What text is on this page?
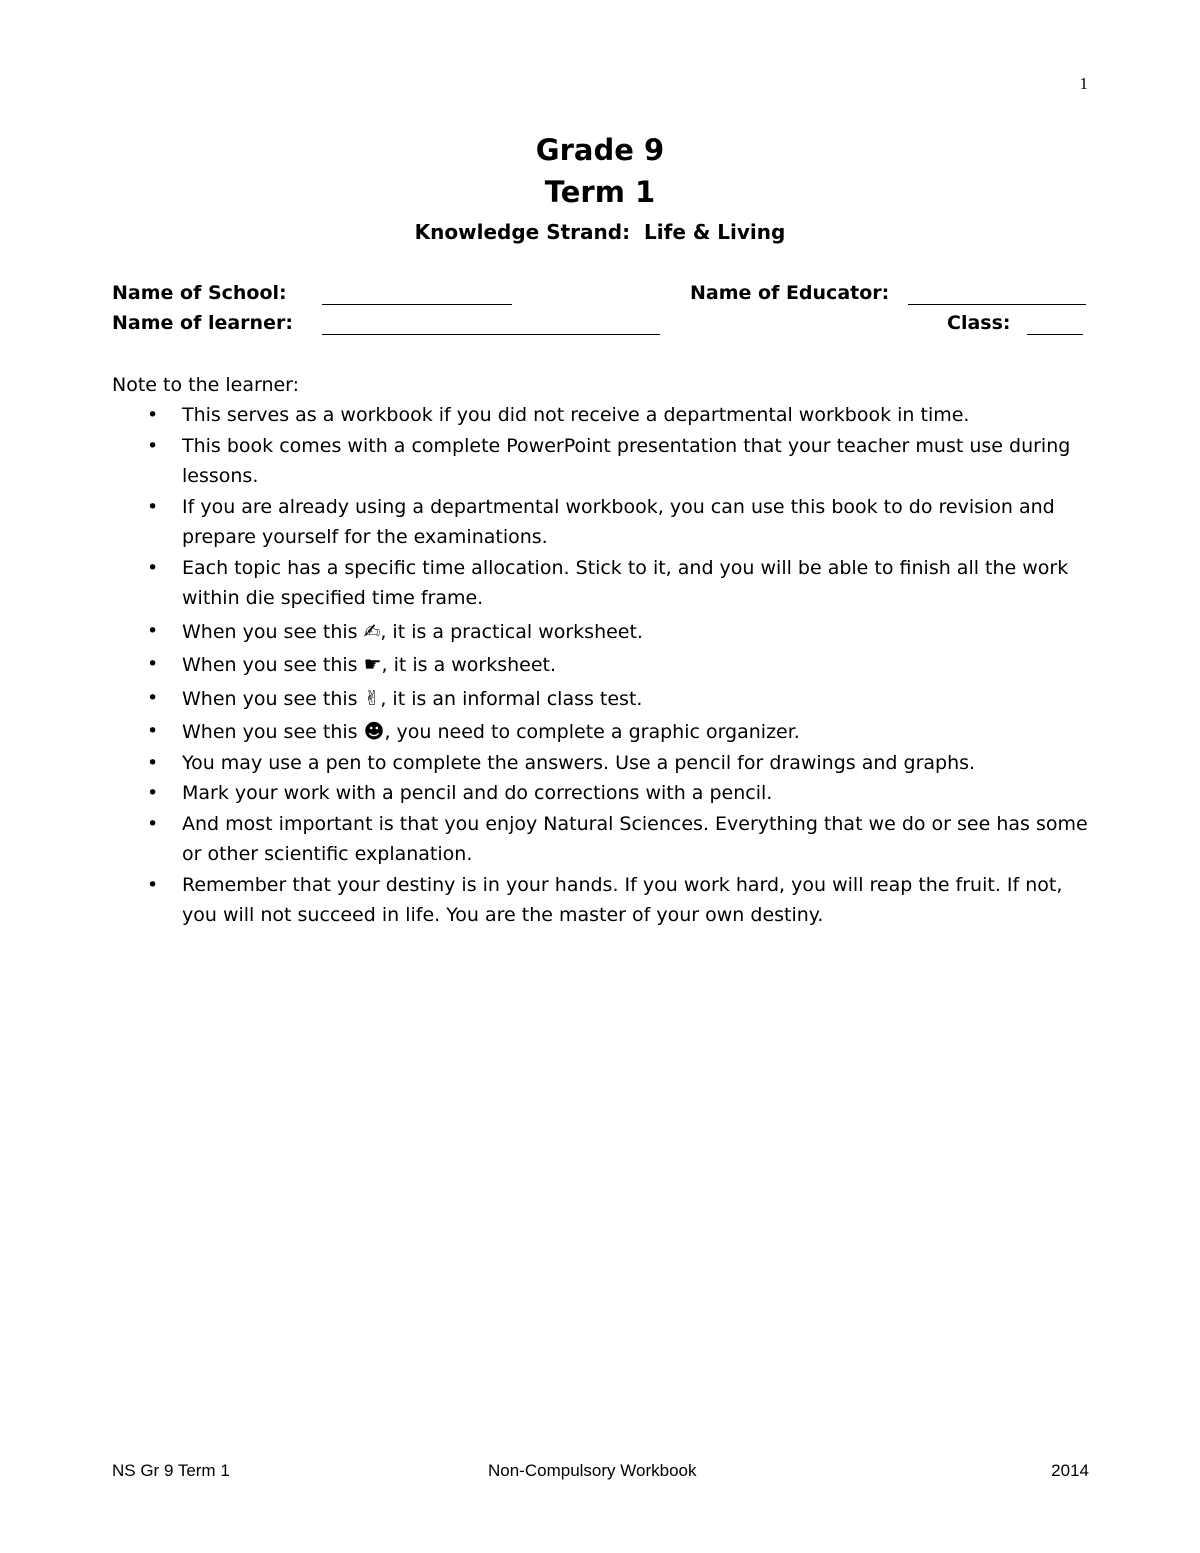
1
Grade 9
Term 1
Knowledge Strand: Life & Living
Name of School:	Name of Educator:
Name of learner:	Class:
Note to the learner:
• This serves as a workbook if you did not receive a departmental workbook in time.
• This book comes with a complete PowerPoint presentation that your teacher must use during lessons.
• If you are already using a departmental workbook, you can use this book to do revision and prepare yourself for the examinations.
• Each topic has a specific time allocation. Stick to it, and you will be able to finish all the work within die specified time frame.
• When you see this ✍, it is a practical worksheet.
• When you see this ☛, it is a worksheet.
• When you see this ✌, it is an informal class test.
• When you see this ☻, you need to complete a graphic organizer.
• You may use a pen to complete the answers. Use a pencil for drawings and graphs.
• Mark your work with a pencil and do corrections with a pencil.
• And most important is that you enjoy Natural Sciences. Everything that we do or see has some or other scientific explanation.
• Remember that your destiny is in your hands. If you work hard, you will reap the fruit. If not, you will not succeed in life. You are the master of your own destiny.
NS Gr 9 Term 1	Non-Compulsory Workbook	2014
